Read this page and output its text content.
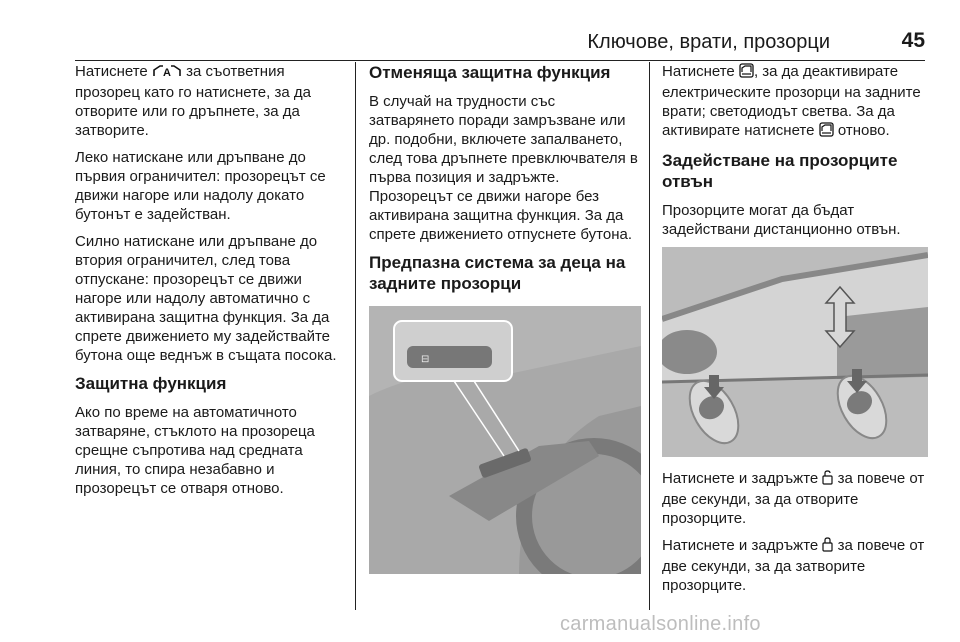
Ключове, врати, прозорци	45

Натиснете A за съответния прозорец като го натиснете, за да отворите или го дръпнете, за да затворите.

Леко натискане или дръпване до първия ограничител: прозорецът се движи нагоре или надолу докато бутонът е задействан.

Силно натискане или дръпване до втория ограничител, след това отпускане: прозорецът се движи нагоре или надолу автоматично с активирана защитна функция. За да спрете движението му задействайте бутона още веднъж в същата посока.

Защитна функция

Ако по време на автоматичното затваряне, стъклото на прозореца срещне съпротива над средната линия, то спира незабавно и прозорецът се отваря отново.

Отменяща защитна функция

В случай на трудности със затварянето поради замръзване или др. подобни, включете запалването, след това дръпнете превключвателя в първа позиция и задръжте. Прозорецът се движи нагоре без активирана защитна функция. За да спрете движението отпуснете бутона.

Предпазна система за деца на задните прозорци
⊟

Натиснете , за да деактивирате електрическите прозорци на задните врати; светодиодът светва. За да активирате натиснете отново.

Задействане на прозорците отвън

Прозорците могат да бъдат задействани дистанционно отвън.

Натиснете и задръжте за повече от две секунди, за да отворите прозорците.

Натиснете и задръжте за повече от две секунди, за да затворите прозорците.

carmanualsonline.info
